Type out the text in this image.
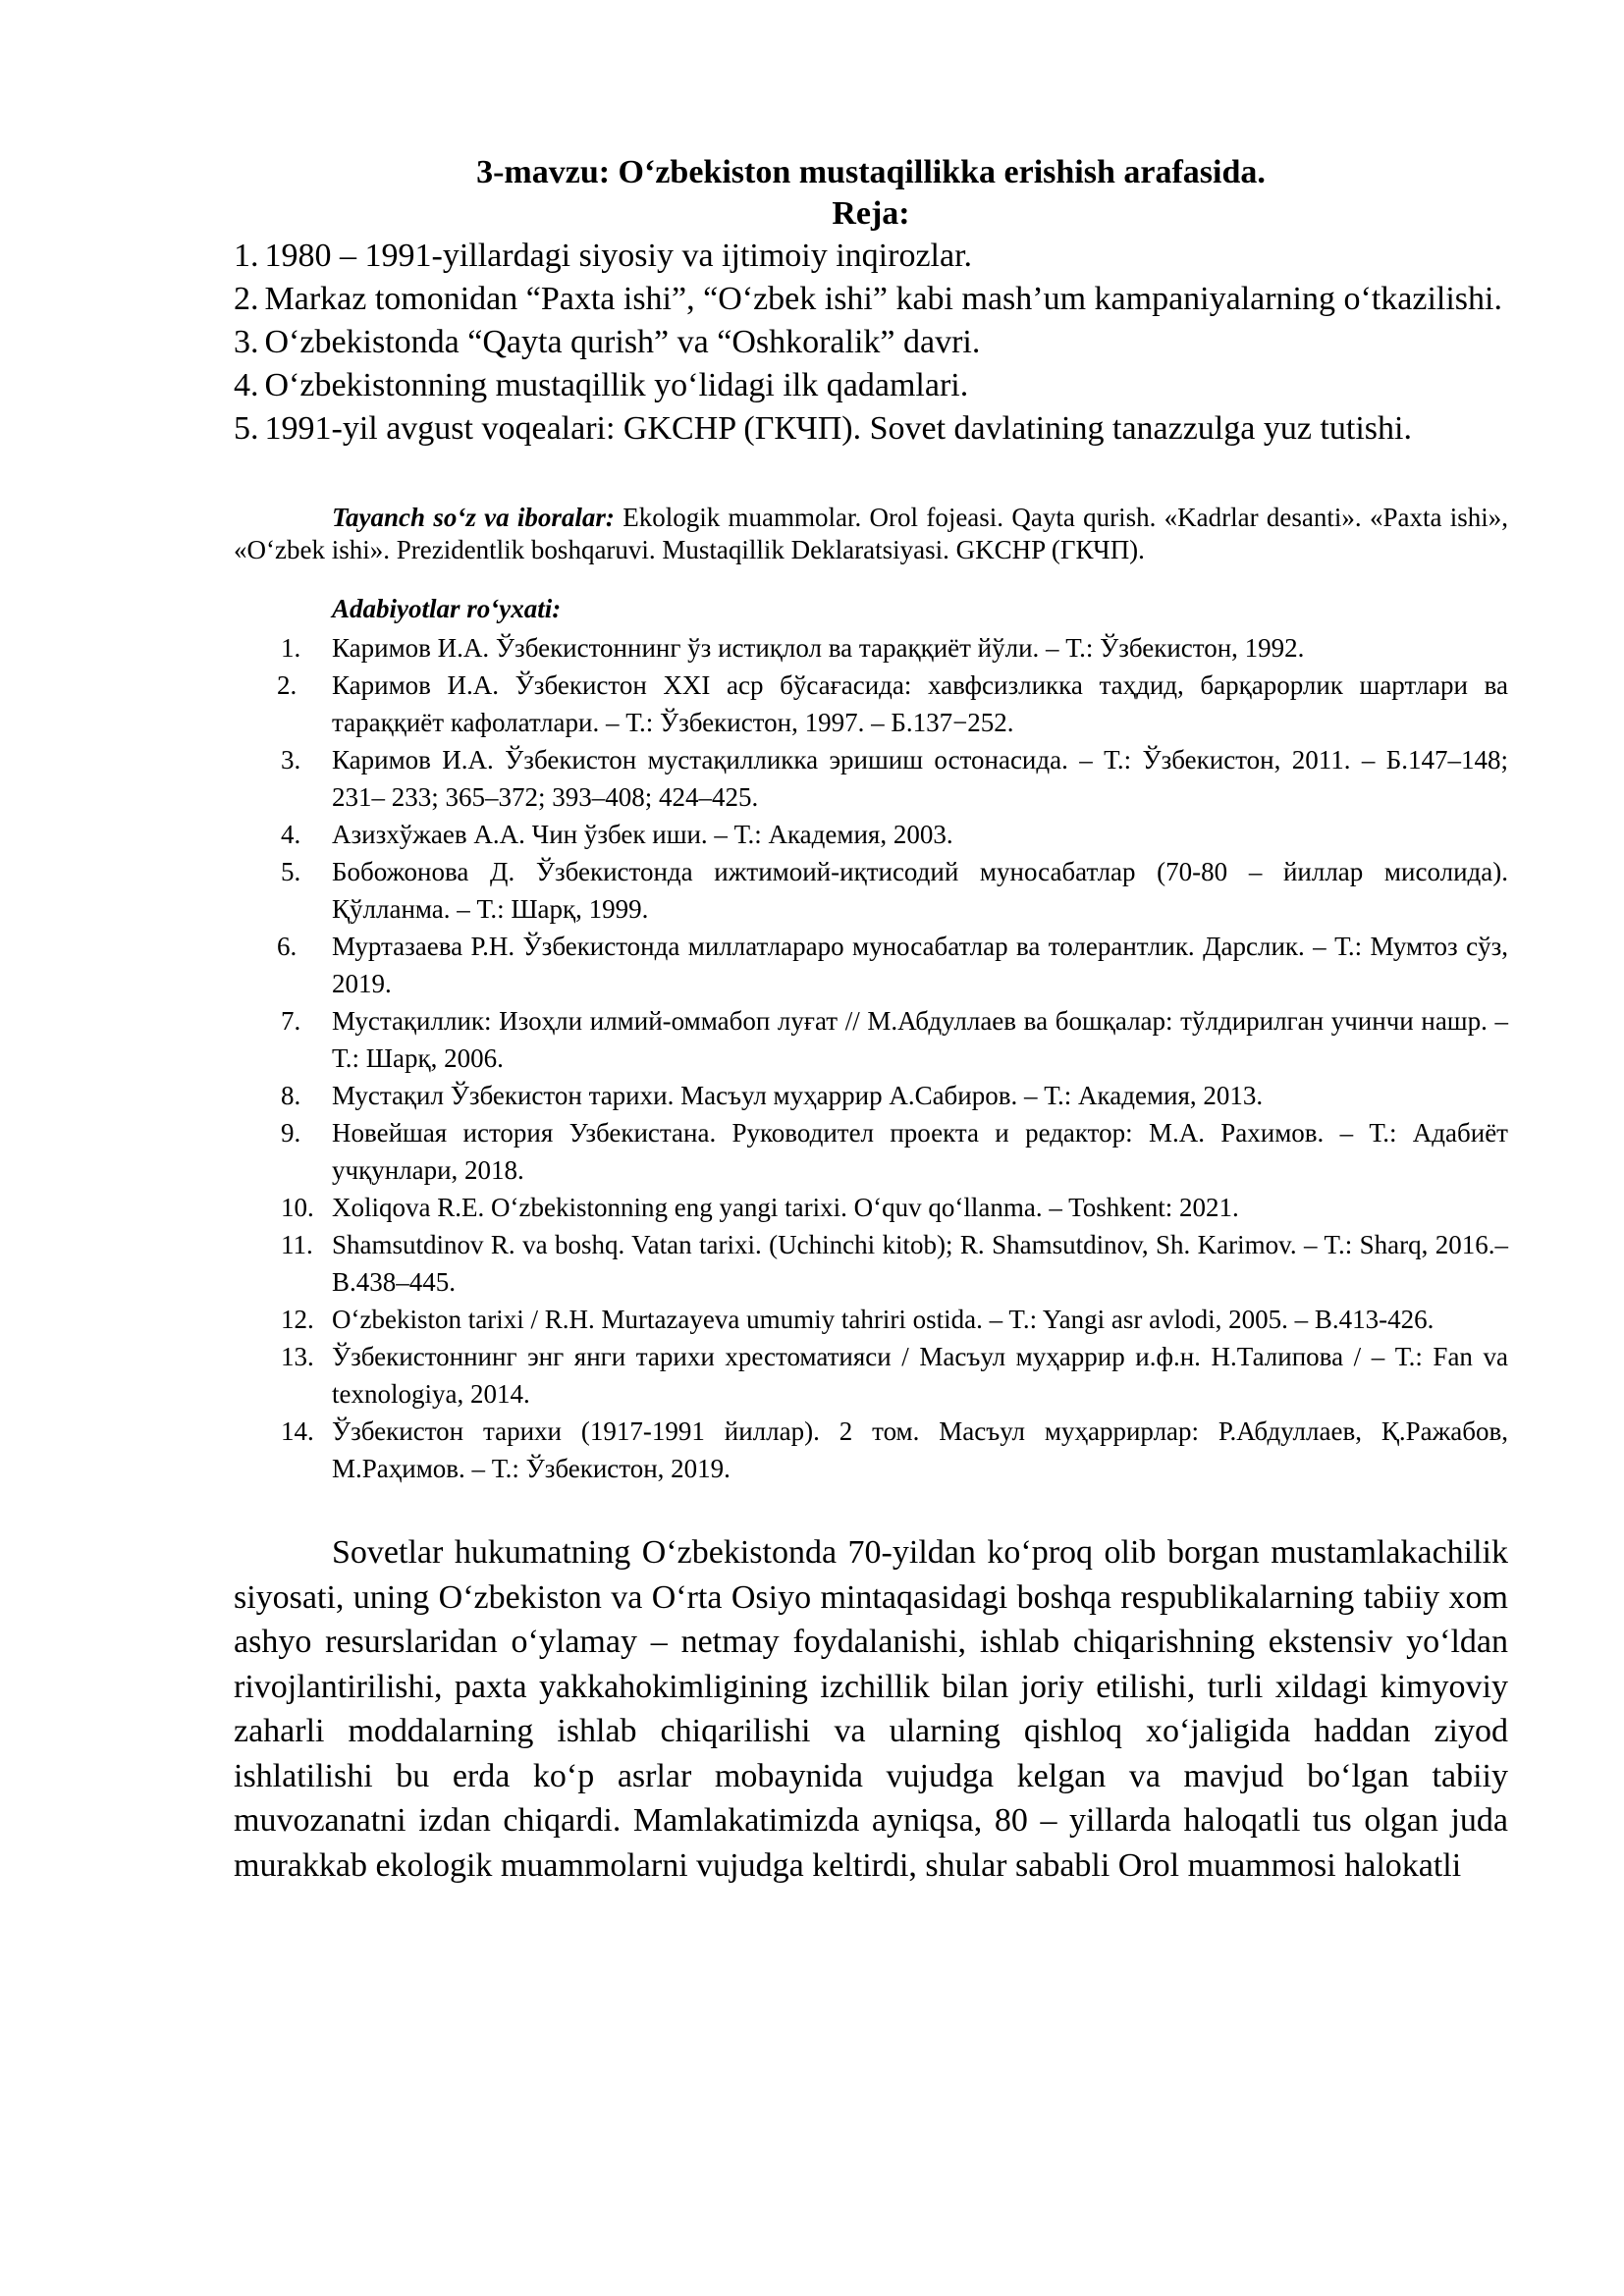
3-mavzu: O‘zbekiston mustaqillikka erishish arafasida.

Reja:

1. 1980 – 1991-yillardagi siyosiy va ijtimoiy inqirozlar.
2. Markaz tomonidan “Paxta ishi”, “O‘zbek ishi” kabi mash’um kampaniyalarning o‘tkazilishi.
3. O‘zbekistonda “Qayta qurish” va “Oshkoralik” davri.
4. O‘zbekistonning mustaqillik yo‘lidagi ilk qadamlari.
5. 1991-yil avgust voqealari: GKCHP (ГКЧП). Sovet davlatining tanazzulga yuz tutishi.

Tayanch so‘z va iboralar: Ekologik muammolar. Orol fojeasi. Qayta qurish. «Kadrlar desanti». «Paxta ishi», «O‘zbek ishi». Prezidentlik boshqaruvi. Mustaqillik Deklaratsiyasi. GKCHP (ГКЧП).

Adabiyotlar ro‘yxati:

1.	Каримов И.А. Ўзбекистоннинг ўз истиқлол ва тараққиёт йўли. – Т.: Ўзбекистон, 1992.
2.	Каримов И.А. Ўзбекистон XXI аср бўсағасида: хавфсизликка таҳдид, барқарорлик шартлари ва тараққиёт кафолатлари. – Т.: Ўзбекистон, 1997. – Б.137−252.
3.	Каримов И.А. Ўзбекистон мустақилликка эришиш остонасида. – Т.: Ўзбекистон, 2011. – Б.147–148; 231– 233; 365–372; 393–408; 424–425.
4.	Азизхўжаев А.А. Чин ўзбек иши. – Т.: Академия, 2003.
5.	Бобожонова Д. Ўзбекистонда ижтимоий-иқтисодий муносабатлар (70-80 – йиллар мисолида). Қўлланма. – Т.: Шарқ, 1999.
6.	Муртазаева Р.Н. Ўзбекистонда миллатлараро муносабатлар ва толерантлик. Дарслик. – Т.: Мумтоз сўз, 2019.
7.	Мустақиллик: Изоҳли илмий-оммабоп луғат // М.Абдуллаев ва бошқалар: тўлдирилган учинчи нашр. – Т.: Шарқ, 2006.
8.	Мустақил Ўзбекистон тарихи. Масъул муҳаррир А.Сабиров. – Т.: Академия, 2013.
9.	Новейшая история Узбекистана. Руководител проекта и редактор: М.А. Рахимов. – Т.: Адабиёт учқунлари, 2018.
10. Xoliqova R.E. O‘zbekistonning eng yangi tarixi. O‘quv qo‘llanma. – Toshkent: 2021.
11. Shamsutdinov R. va boshq. Vatan tarixi. (Uchinchi kitob); R. Shamsutdinov, Sh. Karimov. – T.: Sharq, 2016.– B.438–445.
12. O‘zbekiston tarixi / R.H. Murtazayeva umumiy tahriri ostida. – T.: Yangi asr avlodi, 2005. – B.413-426.
13. Ўзбекистоннинг энг янги тарихи хрестоматияси / Масъул муҳаррир и.ф.н. Н.Талипова / – Т.: Fan va texnologiya, 2014.
14. Ўзбекистон тарихи (1917-1991 йиллар). 2 том. Масъул муҳаррирлар: Р.Абдуллаев, Қ.Ражабов, М.Раҳимов. – Т.: Ўзбекистон, 2019.

Sovetlar hukumatning O‘zbekistonda 70-yildan ko‘proq olib borgan mustamlakachilik siyosati, uning O‘zbekiston va O‘rta Osiyo mintaqasidagi boshqa respublikalarning tabiiy xom ashyo resurslaridan o‘ylamay – netmay foydalanishi, ishlab chiqarishning ekstensiv yo‘ldan rivojlantirilishi, paxta yakkahokimligining izchillik bilan joriy etilishi, turli xildagi kimyoviy zaharli moddalarning ishlab chiqarilishi va ularning qishloq xo‘jaligida haddan ziyod ishlatilishi bu erda ko‘p asrlar mobaynida vujudga kelgan va mavjud bo‘lgan tabiiy muvozanatni izdan chiqardi. Mamlakatimizda ayniqsa, 80 – yillarda haloqatli tus olgan juda murakkab ekologik muammolarni vujudga keltirdi, shular sababli Orol muammosi halokatli
